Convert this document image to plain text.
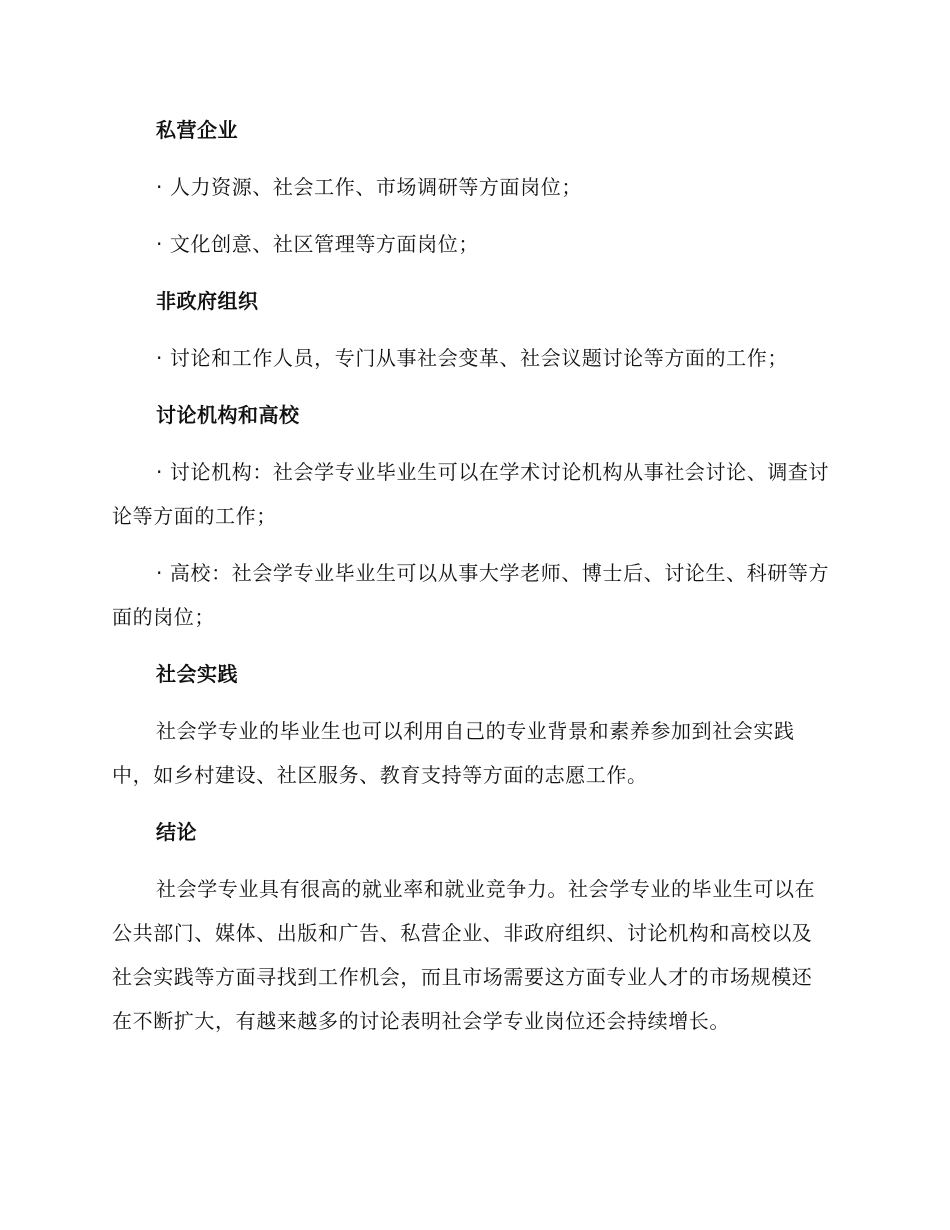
私营企业

· 人力资源、社会工作、市场调研等方面岗位；

· 文化创意、社区管理等方面岗位；

非政府组织

· 讨论和工作人员，专门从事社会变革、社会议题讨论等方面的工作；

讨论机构和高校

· 讨论机构：社会学专业毕业生可以在学术讨论机构从事社会讨论、调查讨论等方面的工作；

· 高校：社会学专业毕业生可以从事大学老师、博士后、讨论生、科研等方面的岗位；

社会实践

社会学专业的毕业生也可以利用自己的专业背景和素养参加到社会实践中，如乡村建设、社区服务、教育支持等方面的志愿工作。

结论

社会学专业具有很高的就业率和就业竞争力。社会学专业的毕业生可以在公共部门、媒体、出版和广告、私营企业、非政府组织、讨论机构和高校以及社会实践等方面寻找到工作机会，而且市场需要这方面专业人才的市场规模还在不断扩大，有越来越多的讨论表明社会学专业岗位还会持续增长。
